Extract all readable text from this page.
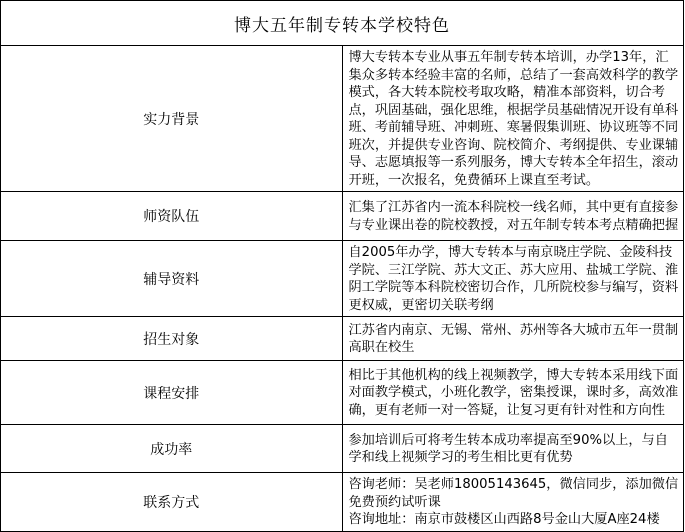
博大五年制专转本学校特色	
实力背景	博大专转本专业从事五年制专转本培训，办学13年，汇集众多转本经验丰富的名师，总结了一套高效科学的教学模式，各大转本院校考取攻略，精准本部资料，切合考点，巩固基础，强化思维，根据学员基础情况开设有单科班、考前辅导班、冲刺班、寒暑假集训班、协议班等不同班次，并提供专业咨询、院校简介、考纲提供、专业课辅导、志愿填报等一系列服务，博大专转本全年招生，滚动开班，一次报名，免费循环上课直至考试。
师资队伍	汇集了江苏省内一流本科院校一线名师，其中更有直接参与专业课出卷的院校教授，对五年制专转本考点精确把握
辅导资料	自2005年办学，博大专转本与南京晓庄学院、金陵科技学院、三江学院、苏大文正、苏大应用、盐城工学院、淮阴工学院等本科院校密切合作，几所院校参与编写，资料更权威，更密切关联考纲
招生对象	江苏省内南京、无锡、常州、苏州等各大城市五年一贯制高职在校生
课程安排	相比于其他机构的线上视频教学，博大专转本采用线下面对面教学模式，小班化教学，密集授课，课时多，高效准确，更有老师一对一答疑，让复习更有针对性和方向性
成功率	参加培训后可将考生转本成功率提高至90%以上，与自学和线上视频学习的考生相比更有优势
联系方式	咨询老师：吴老师18005143645，微信同步，添加微信免费预约试听课
咨询地址：南京市鼓楼区山西路8号金山大厦A座24楼
